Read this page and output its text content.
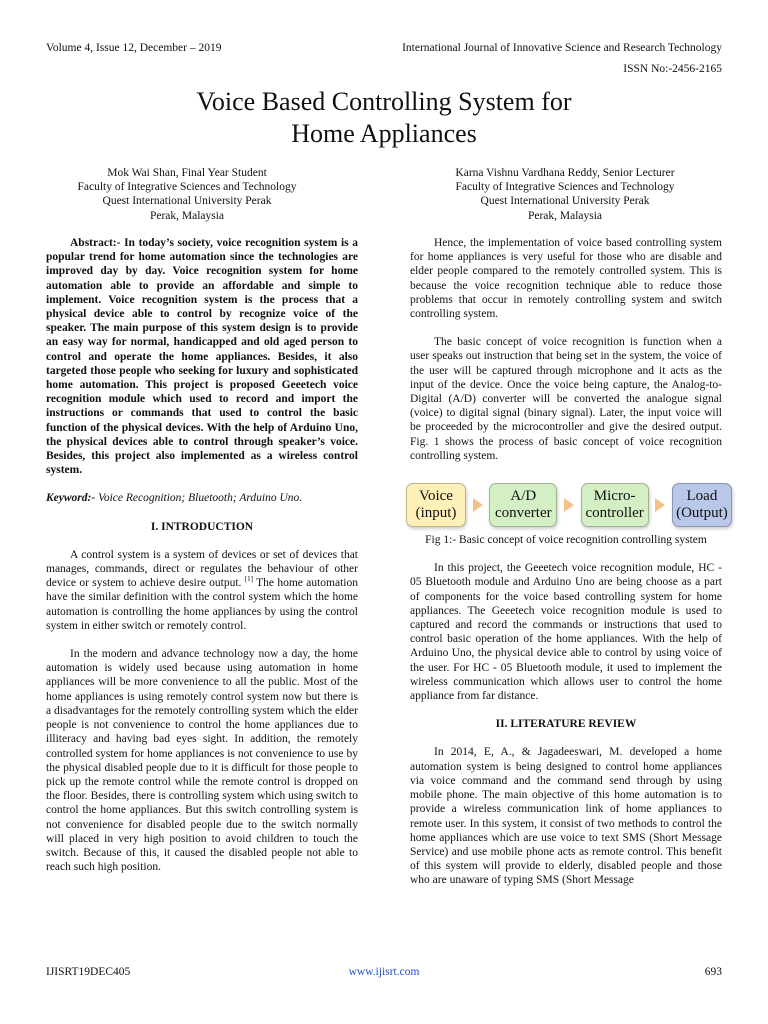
Volume 4, Issue 12, December – 2019	International Journal of Innovative Science and Research Technology
ISSN No:-2456-2165
Voice Based Controlling System for
Home Appliances
Mok Wai Shan, Final Year Student
Faculty of Integrative Sciences and Technology
Quest International University Perak
Perak, Malaysia
Karna Vishnu Vardhana Reddy, Senior Lecturer
Faculty of Integrative Sciences and Technology
Quest International University Perak
Perak, Malaysia

Abstract:- In today’s society, voice recognition system is a popular trend for home automation since the technologies are improved day by day. Voice recognition system for home automation able to provide an affordable and simple to implement. Voice recognition system is the process that a physical device able to control by recognize voice of the speaker. The main purpose of this system design is to provide an easy way for normal, handicapped and old aged person to control and operate the home appliances. Besides, it also targeted those people who seeking for luxury and sophisticated home automation. This project is proposed Geeetech voice recognition module which used to record and import the instructions or commands that used to control the basic function of the physical devices. With the help of Arduino Uno, the physical devices able to control through speaker’s voice. Besides, this project also implemented as a wireless control system.

Keyword:- Voice Recognition; Bluetooth; Arduino Uno.

I. INTRODUCTION

A control system is a system of devices or set of devices that manages, commands, direct or regulates the behaviour of other device or system to achieve desire output. [1] The home automation have the similar definition with the control system which the home automation is controlling the home appliances by using the control system in either switch or remotely control.

In the modern and advance technology now a day, the home automation is widely used because using automation in home appliances will be more convenience to all the public. Most of the home appliances is using remotely control system now but there is a disadvantages for the remotely controlling system which the elder people is not convenience to control the home appliances due to illiteracy and having bad eyes sight. In addition, the remotely controlled system for home appliances is not convenience to use by the physical disabled people due to it is difficult for those people to pick up the remote control while the remote control is dropped on the floor. Besides, there is controlling system which using switch to control the home appliances. But this switch controlling system is not convenience for disabled people due to the switch normally will placed in very high position to avoid children to touch the switch. Because of this, it caused the disabled people not able to reach such high position.

Hence, the implementation of voice based controlling system for home appliances is very useful for those who are disable and elder people compared to the remotely controlled system. This is because the voice recognition technique able to reduce those problems that occur in remotely controlling system and switch controlling system.

The basic concept of voice recognition is function when a user speaks out instruction that being set in the system, the voice of the user will be captured through microphone and it acts as the input of the device. Once the voice being capture, the Analog-to-Digital (A/D) converter will be converted the analogue signal (voice) to digital signal (binary signal). Later, the input voice will be proceeded by the microcontroller and give the desired output. Fig. 1 shows the process of basic concept of voice recognition controlling system.

Voice
(input)
A/D
converter
Micro-
controller
Load
(Output)
Fig 1:- Basic concept of voice recognition controlling system

In this project, the Geeetech voice recognition module, HC - 05 Bluetooth module and Arduino Uno are being choose as a part of components for the voice based controlling system for home appliances. The Geeetech voice recognition module is used to captured and record the commands or instructions that used to control basic operation of the home appliances. With the help of Arduino Uno, the physical device able to control by using voice of the user. For HC - 05 Bluetooth module, it used to implement the wireless communication which allows user to control the home appliance from far distance.

II. LITERATURE REVIEW

In 2014, E, A., & Jagadeeswari, M. developed a home automation system is being designed to control home appliances via voice command and the command send through by using mobile phone. The main objective of this home automation is to provide a wireless communication link of home appliances to remote user. In this system, it consist of two methods to control the home appliances which are use voice to text SMS (Short Message Service) and use mobile phone acts as remote control. This benefit of this system will provide to elderly, disabled people and those who are unaware of typing SMS (Short Message

IJISRT19DEC405	www.ijisrt.com	693
